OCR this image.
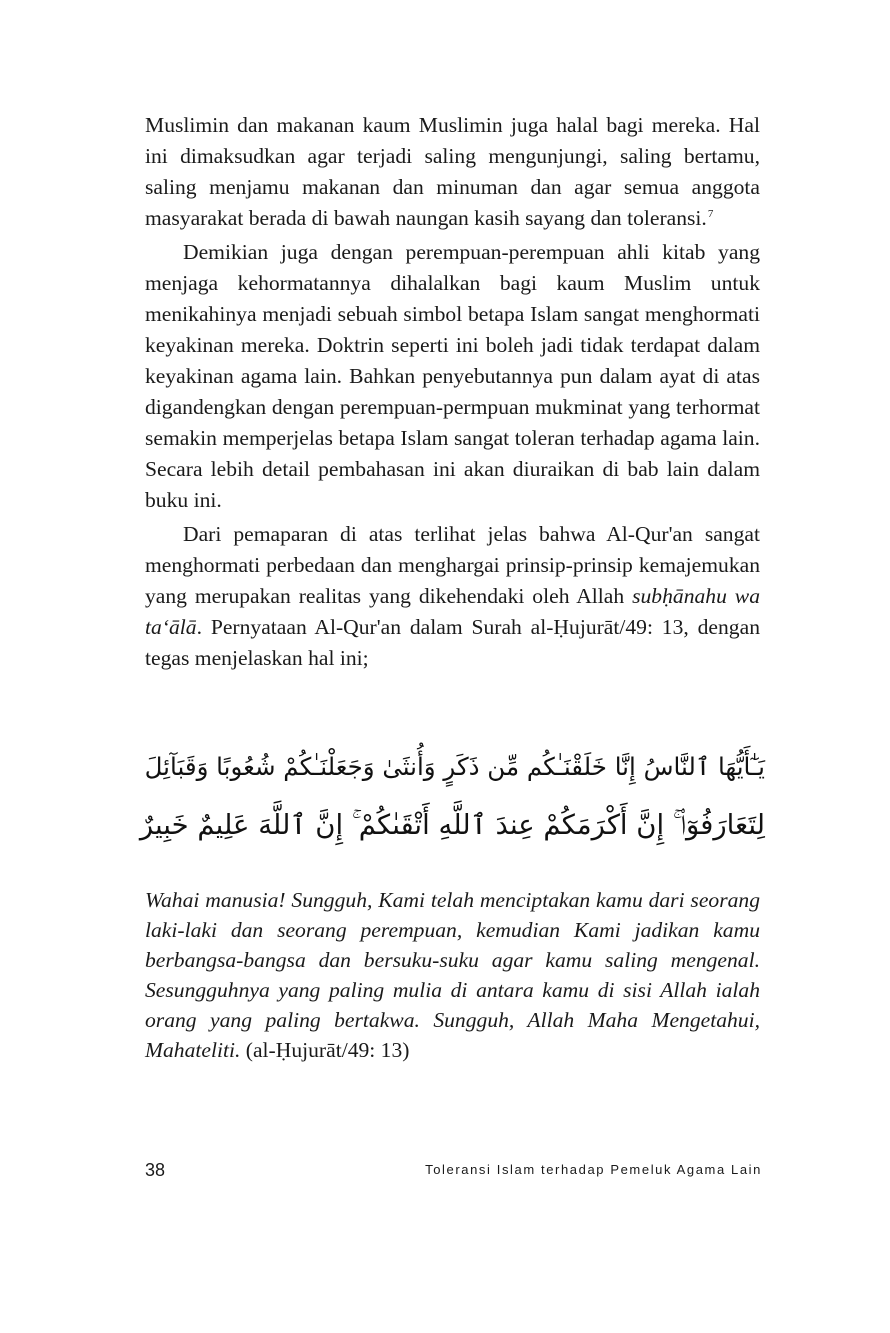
Muslimin dan makanan kaum Muslimin juga halal bagi mereka. Hal ini dimaksudkan agar terjadi saling mengunjungi, saling bertamu, saling menjamu makanan dan minuman dan agar semua anggota masyarakat berada di bawah naungan kasih sayang dan toleransi.$^7$

Demikian juga dengan perempuan-perempuan ahli kitab yang menjaga kehormatannya dihalalkan bagi kaum Muslim untuk menikahinya menjadi sebuah simbol betapa Islam sangat menghormati keyakinan mereka. Doktrin seperti ini boleh jadi tidak terdapat dalam keyakinan agama lain. Bahkan penyebutannya pun dalam ayat di atas digandengkan dengan perempuan-permpuan mukminat yang terhormat semakin memperjelas betapa Islam sangat toleran terhadap agama lain. Secara lebih detail pembahasan ini akan diuraikan di bab lain dalam buku ini.

Dari pemaparan di atas terlihat jelas bahwa Al-Qur'an sangat menghormati perbedaan dan menghargai prinsip-prinsip kemajemukan yang merupakan realitas yang dikehendaki oleh Allah subḥānahu wa ta‘ālā. Pernyataan Al-Qur'an dalam Surah al-Ḥujurāt/49: 13, dengan tegas menjelaskan hal ini;

يَـٰٓأَيُّهَا ٱلنَّاسُ إِنَّا خَلَقْنَـٰكُم مِّن ذَكَرٍ وَأُنثَىٰ وَجَعَلْنَـٰكُمْ شُعُوبًا وَقَبَآئِلَ
لِتَعَارَفُوٓا۟ ۚ إِنَّ أَكْرَمَكُمْ عِندَ ٱللَّهِ أَتْقَىٰكُمْ ۚ إِنَّ ٱللَّهَ عَلِيمٌ خَبِيرٌ
Wahai manusia! Sungguh, Kami telah menciptakan kamu dari seorang laki-laki dan seorang perempuan, kemudian Kami jadikan kamu berbangsa-bangsa dan bersuku-suku agar kamu saling mengenal. Sesungguhnya yang paling mulia di antara kamu di sisi Allah ialah orang yang paling bertakwa. Sungguh, Allah Maha Mengetahui, Mahateliti. (al-Ḥujurāt/49: 13)
38	Toleransi Islam terhadap Pemeluk Agama Lain
